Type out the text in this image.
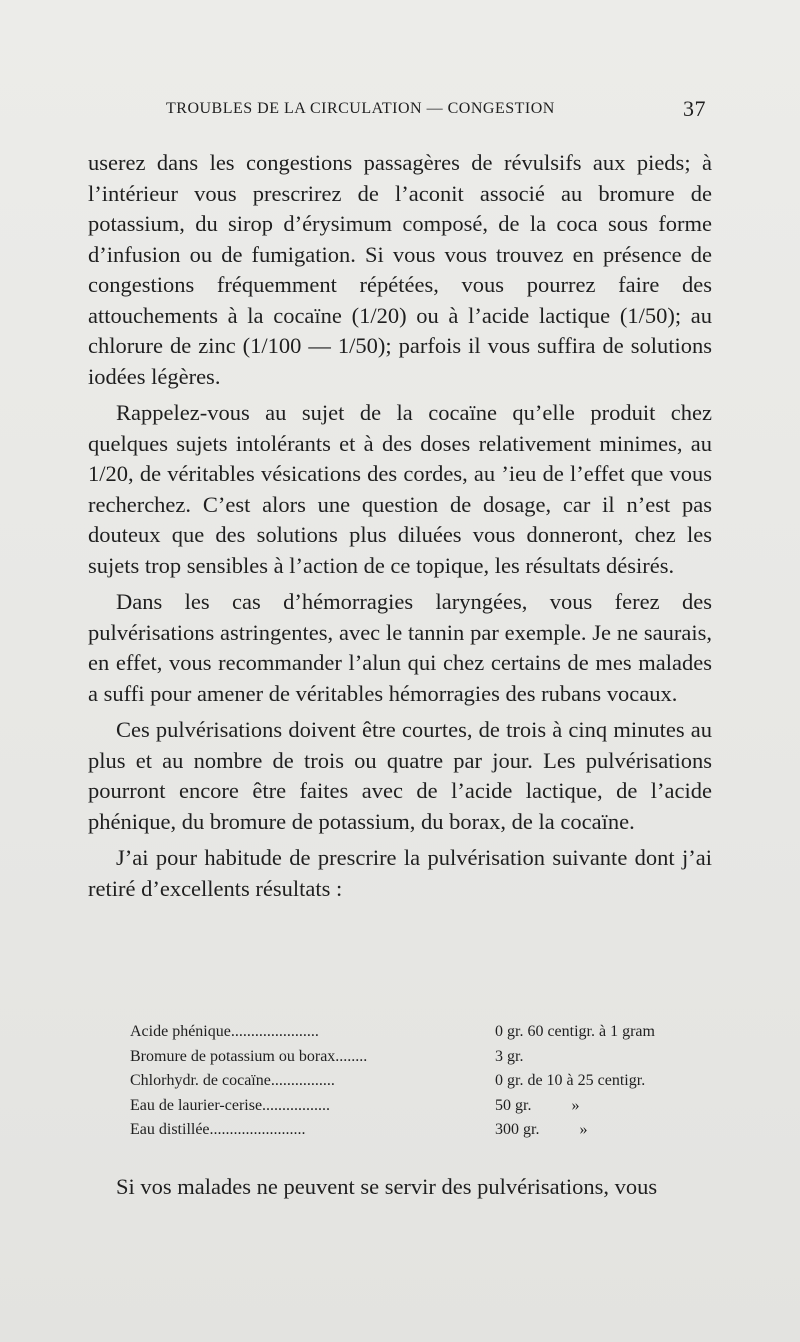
TROUBLES DE LA CIRCULATION — CONGESTION	37

userez dans les congestions passagères de révulsifs aux pieds; à l’intérieur vous prescrirez de l’aconit associé au bromure de potassium, du sirop d’érysimum composé, de la coca sous forme d’infusion ou de fumigation. Si vous vous trouvez en présence de congestions fréquemment répétées, vous pourrez faire des attouchements à la cocaïne (1/20) ou à l’acide lactique (1/50); au chlorure de zinc (1/100 — 1/50); parfois il vous suffira de solutions iodées légères.

Rappelez-vous au sujet de la cocaïne qu’elle produit chez quelques sujets intolérants et à des doses relativement minimes, au 1/20, de véritables vésications des cordes, au ’ieu de l’effet que vous recherchez. C’est alors une question de dosage, car il n’est pas douteux que des solutions plus diluées vous donneront, chez les sujets trop sensibles à l’action de ce topique, les résultats désirés.

Dans les cas d’hémorragies laryngées, vous ferez des pulvérisations astringentes, avec le tannin par exemple. Je ne saurais, en effet, vous recommander l’alun qui chez certains de mes malades a suffi pour amener de véritables hémorragies des rubans vocaux.

Ces pulvérisations doivent être courtes, de trois à cinq minutes au plus et au nombre de trois ou quatre par jour. Les pulvérisations pourront encore être faites avec de l’acide lactique, de l’acide phénique, du bromure de potassium, du borax, de la cocaïne.

J’ai pour habitude de prescrire la pulvérisation suivante dont j’ai retiré d’excellents résultats :

Acide phénique......................	0 gr. 60 centigr. à 1 gram
Bromure de potassium ou borax........	3 gr.
Chlorhydr. de cocaïne................	0 gr. de 10 à 25 centigr.
Eau de laurier-cerise.................	50 gr.          »
Eau distillée........................	300 gr.          »
Si vos malades ne peuvent se servir des pulvérisations, vous
